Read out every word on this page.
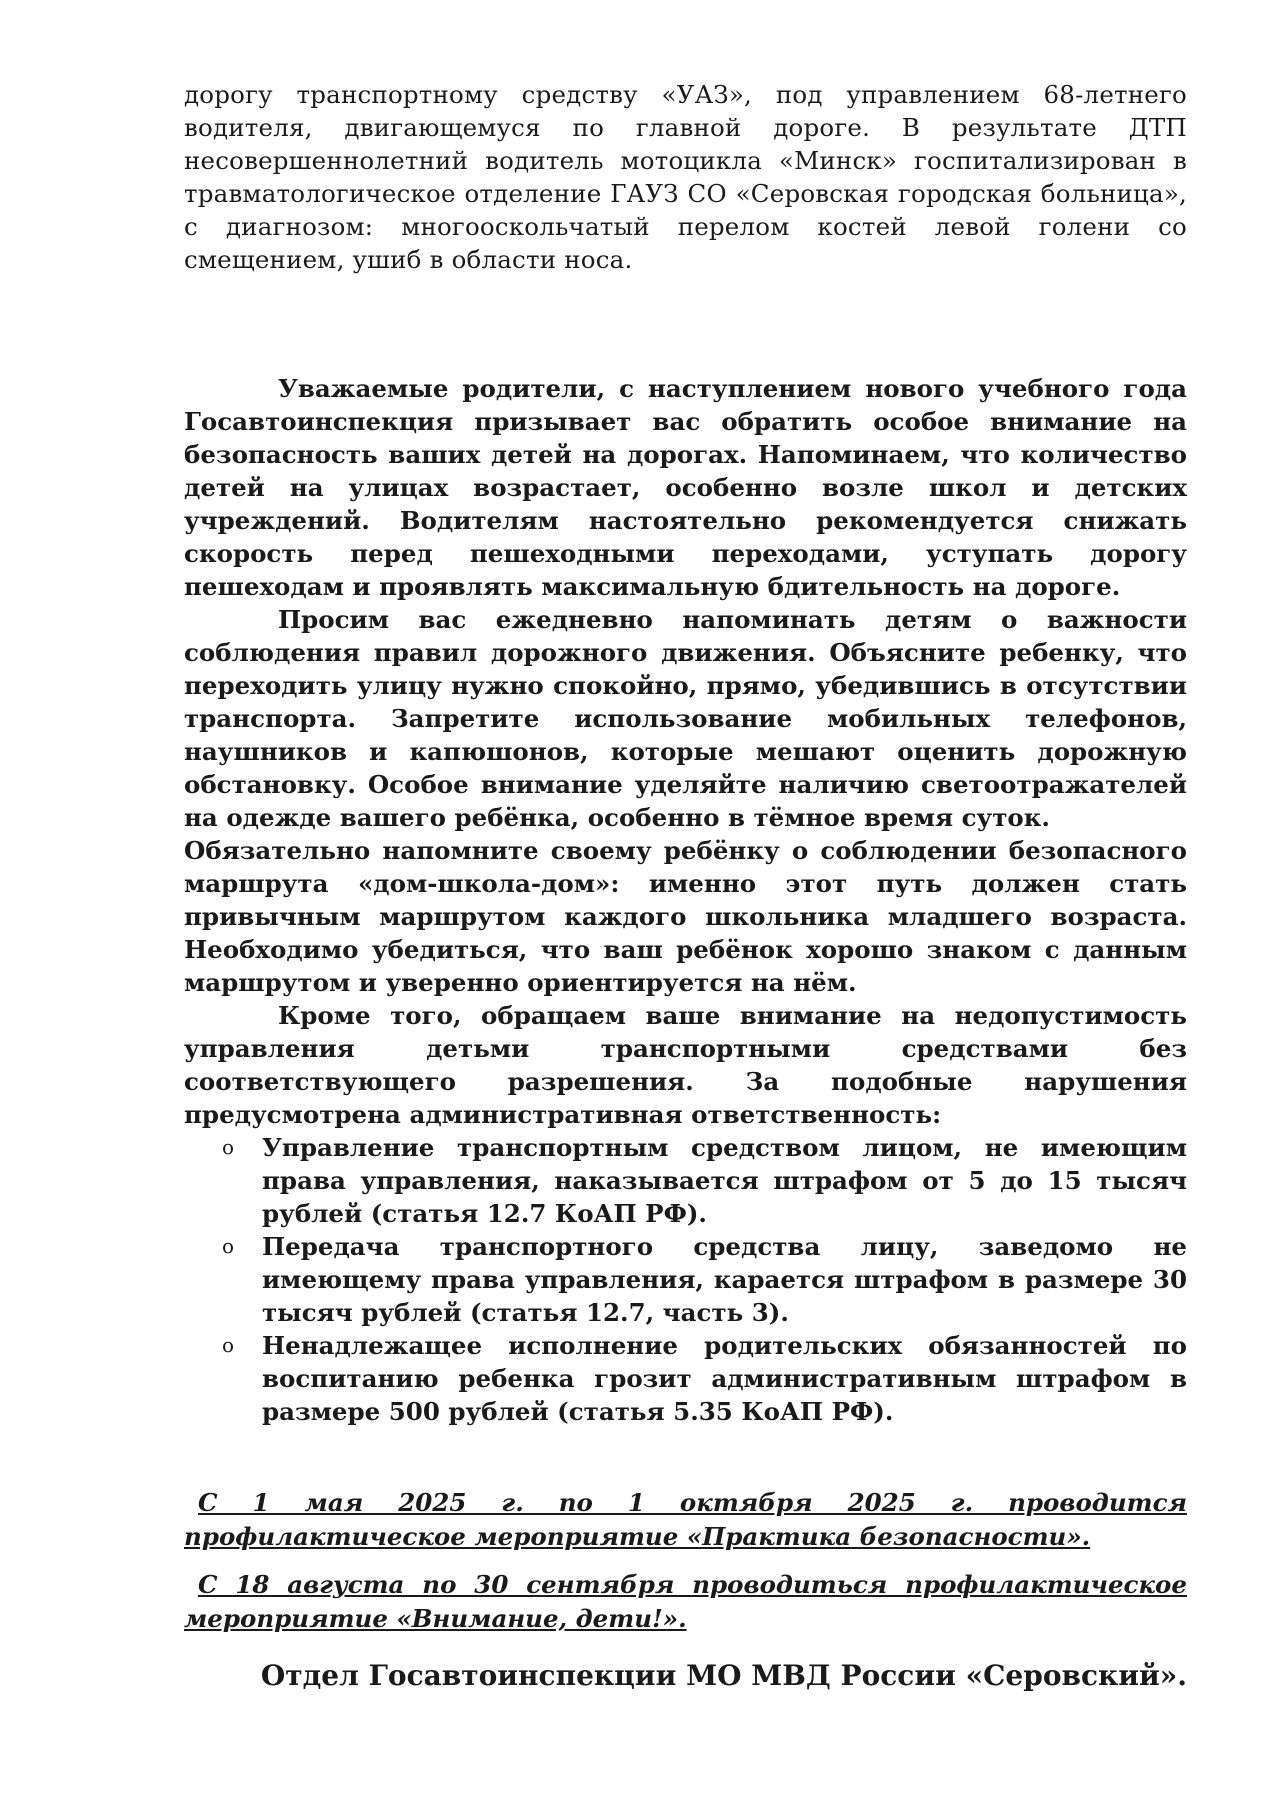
дорогу транспортному средству «УАЗ», под управлением 68-летнего водителя, двигающемуся по главной дороге. В результате ДТП несовершеннолетний водитель мотоцикла «Минск» госпитализирован в травматологическое отделение ГАУЗ СО «Серовская городская больница», с диагнозом: многооскольчатый перелом костей левой голени со смещением, ушиб в области носа.

Уважаемые родители, с наступлением нового учебного года Госавтоинспекция призывает вас обратить особое внимание на безопасность ваших детей на дорогах. Напоминаем, что количество детей на улицах возрастает, особенно возле школ и детских учреждений. Водителям настоятельно рекомендуется снижать скорость перед пешеходными переходами, уступать дорогу пешеходам и проявлять максимальную бдительность на дороге.

Просим вас ежедневно напоминать детям о важности соблюдения правил дорожного движения. Объясните ребенку, что переходить улицу нужно спокойно, прямо, убедившись в отсутствии транспорта. Запретите использование мобильных телефонов, наушников и капюшонов, которые мешают оценить дорожную обстановку. Особое внимание уделяйте наличию светоотражателей на одежде вашего ребёнка, особенно в тёмное время суток.

Обязательно напомните своему ребёнку о соблюдении безопасного маршрута «дом-школа-дом»: именно этот путь должен стать привычным маршрутом каждого школьника младшего возраста. Необходимо убедиться, что ваш ребёнок хорошо знаком с данным маршрутом и уверенно ориентируется на нём.

Кроме того, обращаем ваше внимание на недопустимость управления детьми транспортными средствами без соответствующего разрешения. За подобные нарушения предусмотрена административная ответственность:

o Управление транспортным средством лицом, не имеющим права управления, наказывается штрафом от 5 до 15 тысяч рублей (статья 12.7 КоАП РФ).
o Передача транспортного средства лицу, заведомо не имеющему права управления, карается штрафом в размере 30 тысяч рублей (статья 12.7, часть 3).
o Ненадлежащее исполнение родительских обязанностей по воспитанию ребенка грозит административным штрафом в размере 500 рублей (статья 5.35 КоАП РФ).

С 1 мая 2025 г. по 1 октября 2025 г. проводится профилактическое мероприятие «Практика безопасности».

С 18 августа по 30 сентября проводиться профилактическое мероприятие «Внимание, дети!».

Отдел Госавтоинспекции МО МВД России «Серовский».
